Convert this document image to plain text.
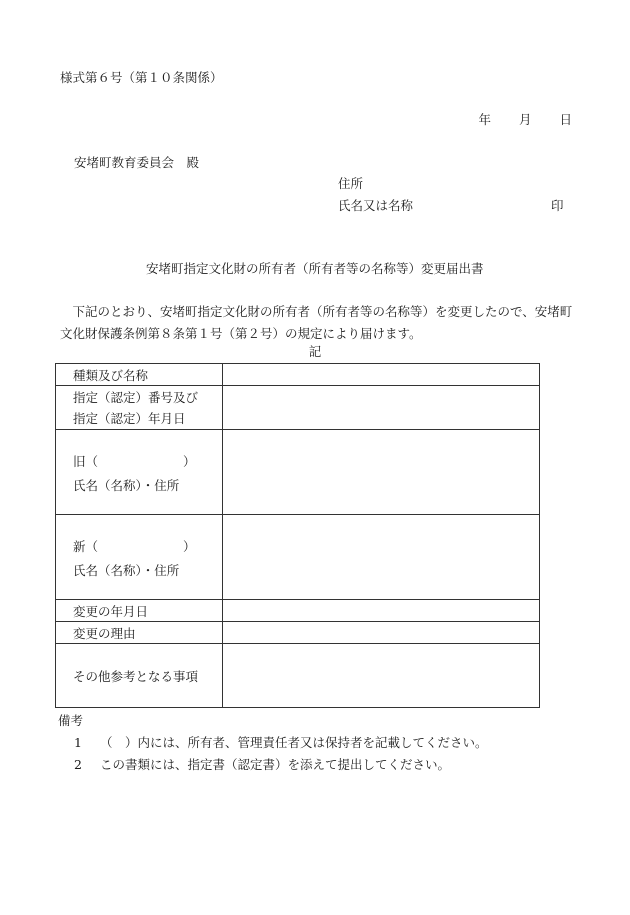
様式第６号（第１０条関係）
年 月 日
安堵町教育委員会　殿
住所
氏名又は名称	印
安堵町指定文化財の所有者（所有者等の名称等）変更届出書
下記のとおり、安堵町指定文化財の所有者（所有者等の名称等）を変更したので、安堵町文化財保護条例第８条第１号（第２号）の規定により届けます。
記
種類及び名称	

指定（認定）番号及び
指定（認定）年月日	

旧（ ）
氏名（名称）・住所	

新（ ）
氏名（名称）・住所	

変更の年月日	
変更の理由	
その他参考となる事項	
備考
1 （　）内には、所有者、管理責任者又は保持者を記載してください。
2 この書類には、指定書（認定書）を添えて提出してください。
